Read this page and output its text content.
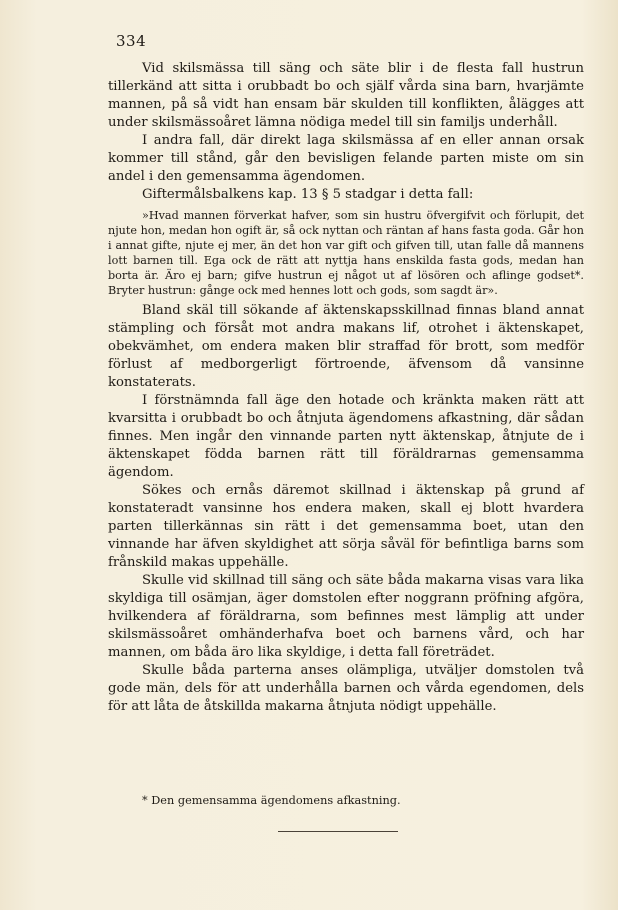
334

Vid skilsmässa till säng och säte blir i de flesta fall hustrun tillerkänd att sitta i orubbadt bo och själf vårda sina barn, hvarjämte mannen, på så vidt han ensam bär skulden till konflikten, ålägges att under skilsmässoåret lämna nödiga medel till sin familjs underhåll.

I andra fall, där direkt laga skilsmässa af en eller annan orsak kommer till stånd, går den bevisligen felande parten miste om sin andel i den gemensamma ägendomen.

Giftermålsbalkens kap. 13 § 5 stadgar i detta fall:

»Hvad mannen förverkat hafver, som sin hustru öfvergifvit och förlupit, det njute hon, medan hon ogift är, så ock nyttan och räntan af hans fasta goda. Går hon i annat gifte, njute ej mer, än det hon var gift och gifven till, utan falle då mannens lott barnen till. Ega ock de rätt att nyttja hans enskilda fasta gods, medan han borta är. Äro ej barn; gifve hustrun ej något ut af lösören och aflinge godset*. Bryter hustrun: gånge ock med hennes lott och gods, som sagdt är».

Bland skäl till sökande af äktenskapsskillnad finnas bland annat stämpling och försåt mot andra makans lif, otrohet i äktenskapet, obekvämhet, om endera maken blir straffad för brott, som medför förlust af medborgerligt förtroende, äfvensom då vansinne konstaterats.

I förstnämnda fall äge den hotade och kränkta maken rätt att kvarsitta i orubbadt bo och åtnjuta ägendomens afkastning, där sådan finnes. Men ingår den vinnande parten nytt äktenskap, åtnjute de i äktenskapet födda barnen rätt till föräldrarnas gemensamma ägendom.

Sökes och ernås däremot skillnad i äktenskap på grund af konstateradt vansinne hos endera maken, skall ej blott hvardera parten tillerkännas sin rätt i det gemensamma boet, utan den vinnande har äfven skyldighet att sörja såväl för befintliga barns som frånskild makas uppehälle.

Skulle vid skillnad till säng och säte båda makarna visas vara lika skyldiga till osämjan, äger domstolen efter noggrann pröfning afgöra, hvilkendera af föräldrarna, som befinnes mest lämplig att under skilsmässoåret omhänderhafva boet och barnens vård, och har mannen, om båda äro lika skyldige, i detta fall företrädet.

Skulle båda parterna anses olämpliga, utväljer domstolen två gode män, dels för att underhålla barnen och vårda egendomen, dels för att låta de åtskillda makarna åtnjuta nödigt uppehälle.

* Den gemensamma ägendomens afkastning.
